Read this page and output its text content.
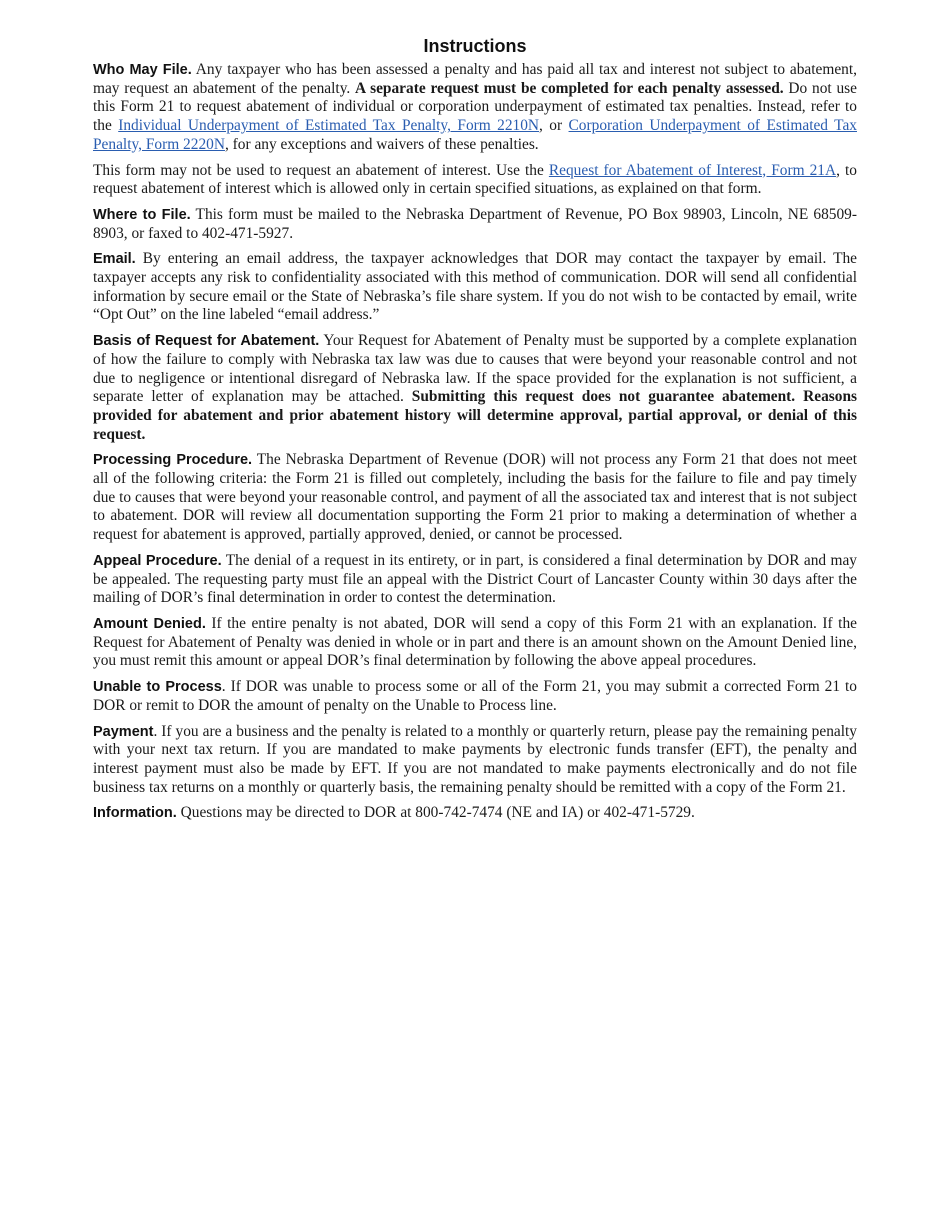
Instructions

Who May File. Any taxpayer who has been assessed a penalty and has paid all tax and interest not subject to abatement, may request an abatement of the penalty. A separate request must be completed for each penalty assessed. Do not use this Form 21 to request abatement of individual or corporation underpayment of estimated tax penalties. Instead, refer to the Individual Underpayment of Estimated Tax Penalty, Form 2210N, or Corporation Underpayment of Estimated Tax Penalty, Form 2220N, for any exceptions and waivers of these penalties.

This form may not be used to request an abatement of interest. Use the Request for Abatement of Interest, Form 21A, to request abatement of interest which is allowed only in certain specified situations, as explained on that form.

Where to File. This form must be mailed to the Nebraska Department of Revenue, PO Box 98903, Lincoln, NE 68509-8903, or faxed to 402-471-5927.

Email. By entering an email address, the taxpayer acknowledges that DOR may contact the taxpayer by email. The taxpayer accepts any risk to confidentiality associated with this method of communication. DOR will send all confidential information by secure email or the State of Nebraska’s file share system. If you do not wish to be contacted by email, write “Opt Out” on the line labeled “email address.”

Basis of Request for Abatement. Your Request for Abatement of Penalty must be supported by a complete explanation of how the failure to comply with Nebraska tax law was due to causes that were beyond your reasonable control and not due to negligence or intentional disregard of Nebraska law. If the space provided for the explanation is not sufficient, a separate letter of explanation may be attached. Submitting this request does not guarantee abatement. Reasons provided for abatement and prior abatement history will determine approval, partial approval, or denial of this request.

Processing Procedure. The Nebraska Department of Revenue (DOR) will not process any Form 21 that does not meet all of the following criteria: the Form 21 is filled out completely, including the basis for the failure to file and pay timely due to causes that were beyond your reasonable control, and payment of all the associated tax and interest that is not subject to abatement. DOR will review all documentation supporting the Form 21 prior to making a determination of whether a request for abatement is approved, partially approved, denied, or cannot be processed.

Appeal Procedure. The denial of a request in its entirety, or in part, is considered a final determination by DOR and may be appealed. The requesting party must file an appeal with the District Court of Lancaster County within 30 days after the mailing of DOR’s final determination in order to contest the determination.

Amount Denied. If the entire penalty is not abated, DOR will send a copy of this Form 21 with an explanation. If the Request for Abatement of Penalty was denied in whole or in part and there is an amount shown on the Amount Denied line, you must remit this amount or appeal DOR’s final determination by following the above appeal procedures.

Unable to Process. If DOR was unable to process some or all of the Form 21, you may submit a corrected Form 21 to DOR or remit to DOR the amount of penalty on the Unable to Process line.

Payment. If you are a business and the penalty is related to a monthly or quarterly return, please pay the remaining penalty with your next tax return. If you are mandated to make payments by electronic funds transfer (EFT), the penalty and interest payment must also be made by EFT. If you are not mandated to make payments electronically and do not file business tax returns on a monthly or quarterly basis, the remaining penalty should be remitted with a copy of the Form 21.

Information. Questions may be directed to DOR at 800-742-7474 (NE and IA) or 402-471-5729.
